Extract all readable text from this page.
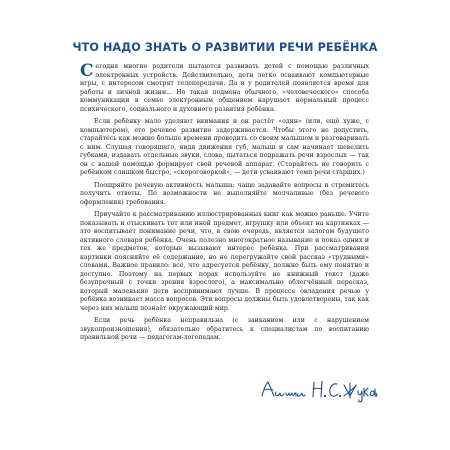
ЧТО НАДО ЗНАТЬ О РАЗВИТИИ РЕЧИ РЕБЁНКА

Сегодня многие родители пытаются развивать детей с помощью различных электронных устройств. Действительно, дети легко осваивают компьютерные игры, с интересом смотрят телепередачи. Да и у родителей появляется время для работы и личной жизни... Но такая подмена обычного, «человеческого» способа коммуникации в семье электронным общением нарушает нормальный процесс психического, социального и духовного развития ребёнка.

Если ребёнку мало уделяют внимания и он растёт «один» (или, ещё хуже, с компьютером), его речевое развитие задерживается. Чтобы этого не допустить, старайтесь как можно больше времени проводить со своим малышом и разговаривать с ним. Слушая говорящего, видя движения губ, малыш и сам начинает шевелить губками, издавать отдельные звуки, слова, пытаться подражать речи взрослых — так он с вашей помощью формирует свой речевой аппарат. (Старайтесь не говорить с ребёнком слишком быстро, «скороговоркой», — дети усваивают темп речи старших.)

Поощряйте речевую активность малыша: чаще задавайте вопросы и стремитесь получить ответы. По возможности не выполняйте молчаливые (без речевого оформления) требования.

Приучайте к рассматриванию иллюстрированных книг как можно раньше. Учите показывать и отыскивать тот или иной предмет, игрушку или объект на картинках — это воспитывает понимание речи, что, в свою очередь, является залогом будущего активного словаря ребёнка. Очень полезно многократное называние и показ одних и тех же предметов, которые вызывают интерес ребёнка. При рассматривании картинки поясняйте её содержание, но не перегружайте свой рассказ «трудными» словами. Важное правило: всё, что адресуется ребёнку, должно быть ему понятно и доступно. Поэтому на первых порах используйте не книжный текст (даже безупречный с точки зрения взрослого), а максимально облегчённый пересказ, который маленькие дети воспринимают лучше. В процессе овладения речью у ребёнка возникает масса вопросов. Эти вопросы должны быть удовлетворены, так как через них малыш познаёт окружающий мир.

Если речь ребёнка неправильна (с заиканием или с нарушением звукопроизношения), обязательно обратитесь к специалистам по воспитанию правильной речи — педагогам-логопедам.
